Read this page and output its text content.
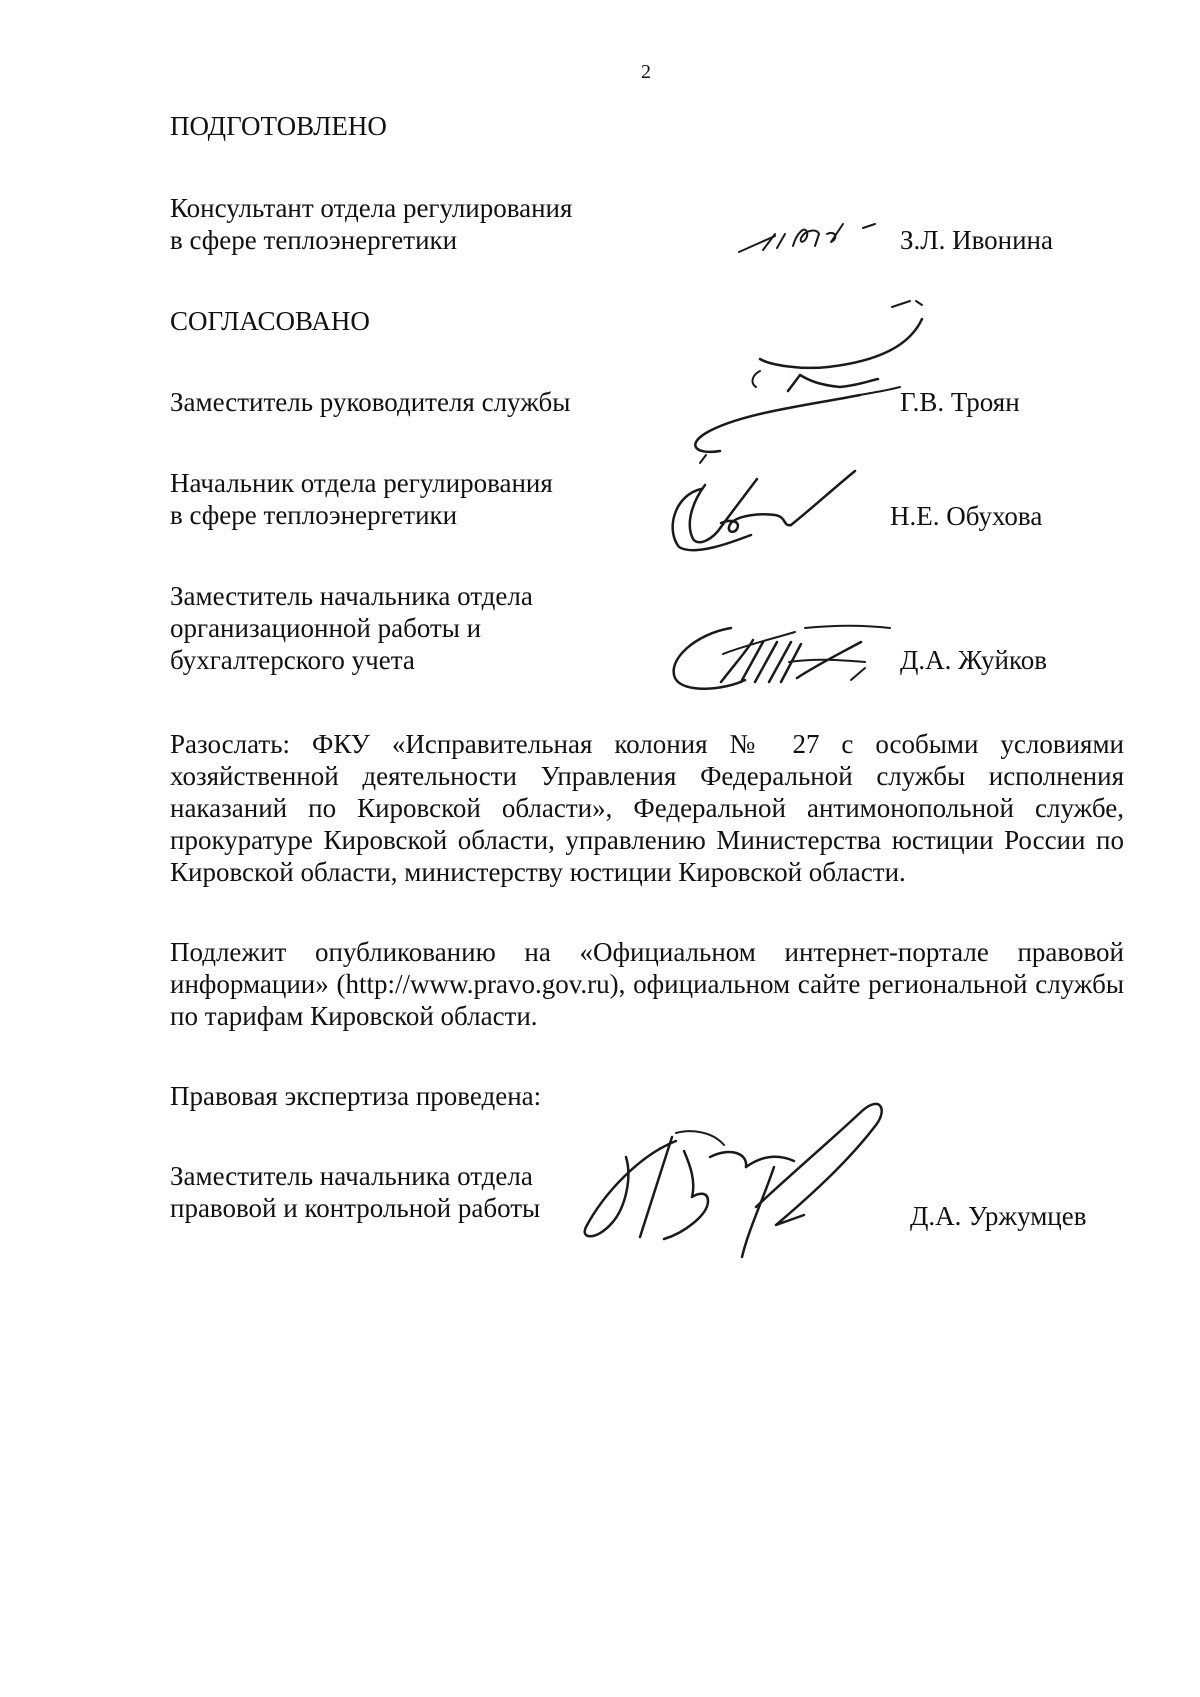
2
ПОДГОТОВЛЕНО
Консультант отдела регулирования
в сфере теплоэнергетики	З.Л. Ивонина
СОГЛАСОВАНО
Заместитель руководителя службы	Г.В. Троян
Начальник отдела регулирования
в сфере теплоэнергетики	Н.Е. Обухова
Заместитель начальника отдела
организационной работы и
бухгалтерского учета	Д.А. Жуйков
Разослать: ФКУ «Исправительная колония № 27 с особыми условиями хозяйственной деятельности Управления Федеральной службы исполнения наказаний по Кировской области», Федеральной антимонопольной службе, прокуратуре Кировской области, управлению Министерства юстиции России по Кировской области, министерству юстиции Кировской области.
Подлежит опубликованию на «Официальном интернет-портале правовой информации» (http://www.pravo.gov.ru), официальном сайте региональной службы по тарифам Кировской области.
Правовая экспертиза проведена:
Заместитель начальника отдела
правовой и контрольной работы	Д.А. Уржумцев
